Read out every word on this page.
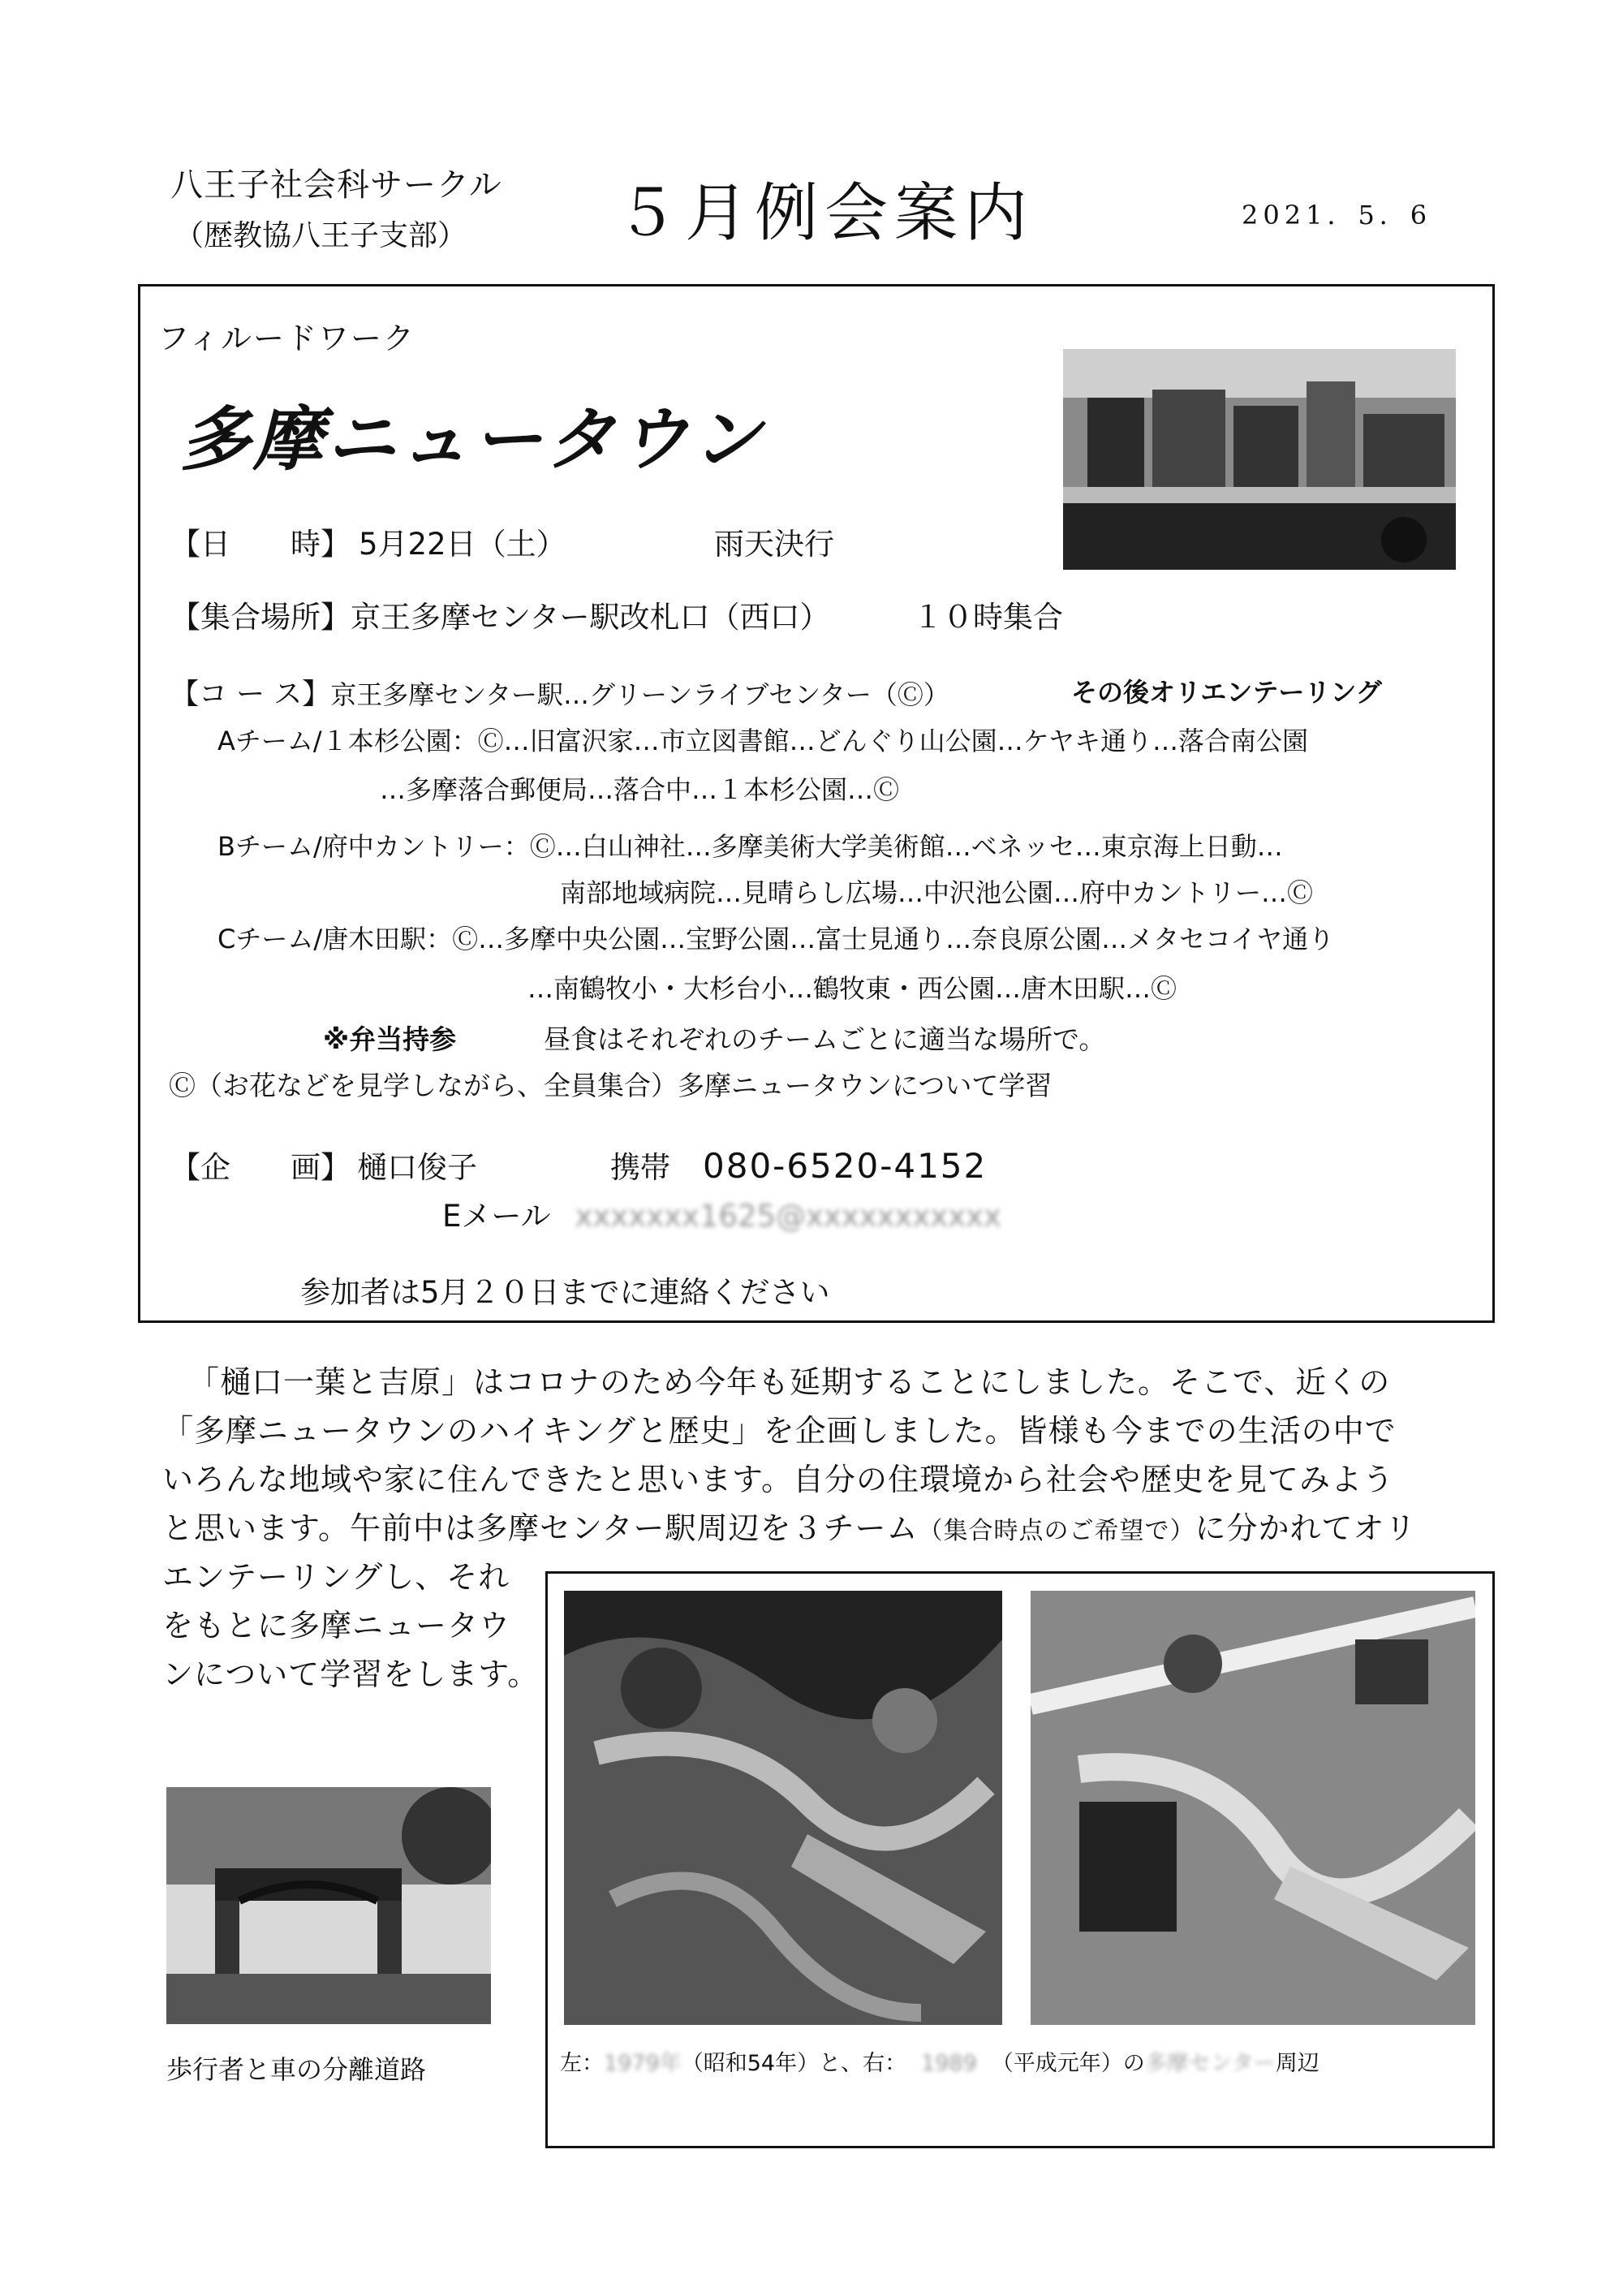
八王子社会科サークル
（歴教協八王子支部） ５月例会案内	2021．5．6
フィルードワーク
多摩ニュータウン
【日　　時】 5月22日（土）	雨天決行
【集合場所】京王多摩センター駅改札口（西口）	１０時集合
【コ ー ス】京王多摩センター駅…グリーンライブセンター（Ⓒ）	その後オリエンテーリング
Aチーム/１本杉公園：Ⓒ…旧富沢家…市立図書館…どんぐり山公園…ケヤキ通り…落合南公園
…多摩落合郵便局…落合中…１本杉公園…Ⓒ
Bチーム/府中カントリー：Ⓒ…白山神社…多摩美術大学美術館…ベネッセ…東京海上日動…
南部地域病院…見晴らし広場…中沢池公園…府中カントリー…Ⓒ
Cチーム/唐木田駅：Ⓒ…多摩中央公園…宝野公園…富士見通り…奈良原公園…メタセコイヤ通り
…南鶴牧小・大杉台小…鶴牧東・西公園…唐木田駅…Ⓒ
※弁当持参	昼食はそれぞれのチームごとに適当な場所で。
Ⓒ（お花などを見学しながら、全員集合）多摩ニュータウンについて学習
【企　　画】 樋口俊子	携帯 080-6520-4152
Eメール xxxxxxx1625@xxxxxxxxxxx
参加者は5月２０日までに連絡ください
「樋口一葉と吉原」はコロナのため今年も延期することにしました。そこで、近くの
「多摩ニュータウンのハイキングと歴史」を企画しました。皆様も今までの生活の中で
いろんな地域や家に住んできたと思います。自分の住環境から社会や歴史を見てみよう
と思います。午前中は多摩センター駅周辺を３チーム（集合時点のご希望で）に分かれてオリ
エンテーリングし、それ
をもとに多摩ニュータウ
ンについて学習をします。
歩行者と車の分離道路	左：1979年（昭和54年）と、右： 1989 （平成元年）の多摩センター周辺
